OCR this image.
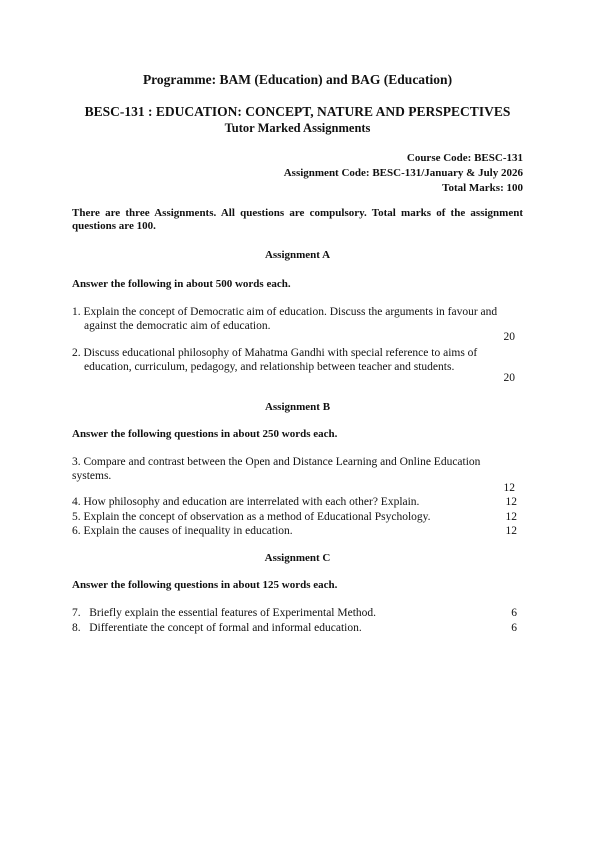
Programme: BAM (Education) and BAG (Education)
BESC-131 : EDUCATION: CONCEPT, NATURE AND PERSPECTIVES
Tutor Marked Assignments
Course Code: BESC-131
Assignment Code: BESC-131/January & July 2026
Total Marks: 100
There are three Assignments. All questions are compulsory. Total marks of the assignment questions are 100.
Assignment A
Answer the following in about 500 words each.
1. Explain the concept of Democratic aim of education. Discuss the arguments in favour and
against the democratic aim of education.
20
2. Discuss educational philosophy of Mahatma Gandhi with special reference to aims of
education, curriculum, pedagogy, and relationship between teacher and students.
20
Assignment B
Answer the following questions in about 250 words each.
3. Compare and contrast between the Open and Distance Learning and Online Education
systems.
12
4. How philosophy and education are interrelated with each other? Explain.	12
5. Explain the concept of observation as a method of Educational Psychology.	12
6. Explain the causes of inequality in education.	12
Assignment C
Answer the following questions in about 125 words each.
7.   Briefly explain the essential features of Experimental Method.	6
8.   Differentiate the concept of formal and informal education.	6
